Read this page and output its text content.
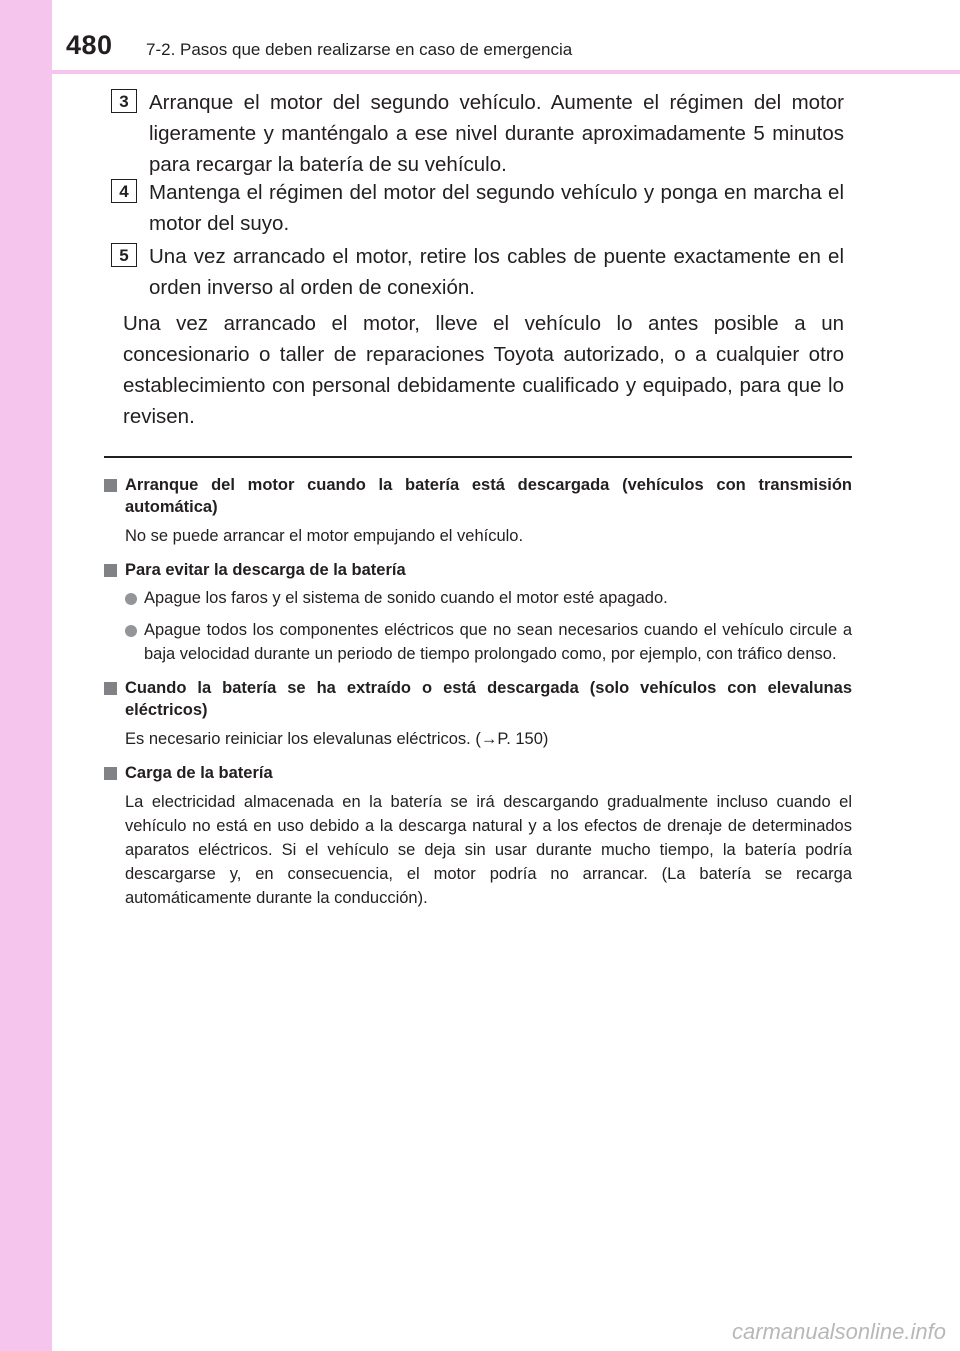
480 7-2. Pasos que deben realizarse en caso de emergencia
3 Arranque el motor del segundo vehículo. Aumente el régimen del motor ligeramente y manténgalo a ese nivel durante aproximadamente 5 minutos para recargar la batería de su vehículo.
4 Mantenga el régimen del motor del segundo vehículo y ponga en marcha el motor del suyo.
5 Una vez arrancado el motor, retire los cables de puente exactamente en el orden inverso al orden de conexión.
Una vez arrancado el motor, lleve el vehículo lo antes posible a un concesionario o taller de reparaciones Toyota autorizado, o a cualquier otro establecimiento con personal debidamente cualificado y equipado, para que lo revisen.
Arranque del motor cuando la batería está descargada (vehículos con transmisión automática)
No se puede arrancar el motor empujando el vehículo.
Para evitar la descarga de la batería
Apague los faros y el sistema de sonido cuando el motor esté apagado.
Apague todos los componentes eléctricos que no sean necesarios cuando el vehículo circule a baja velocidad durante un periodo de tiempo prolongado como, por ejemplo, con tráfico denso.
Cuando la batería se ha extraído o está descargada (solo vehículos con elevalunas eléctricos)
Es necesario reiniciar los elevalunas eléctricos. (→P. 150)
Carga de la batería
La electricidad almacenada en la batería se irá descargando gradualmente incluso cuando el vehículo no está en uso debido a la descarga natural y a los efectos de drenaje de determinados aparatos eléctricos. Si el vehículo se deja sin usar durante mucho tiempo, la batería podría descargarse y, en consecuencia, el motor podría no arrancar. (La batería se recarga automáticamente durante la conducción).
carmanualsonline.info
